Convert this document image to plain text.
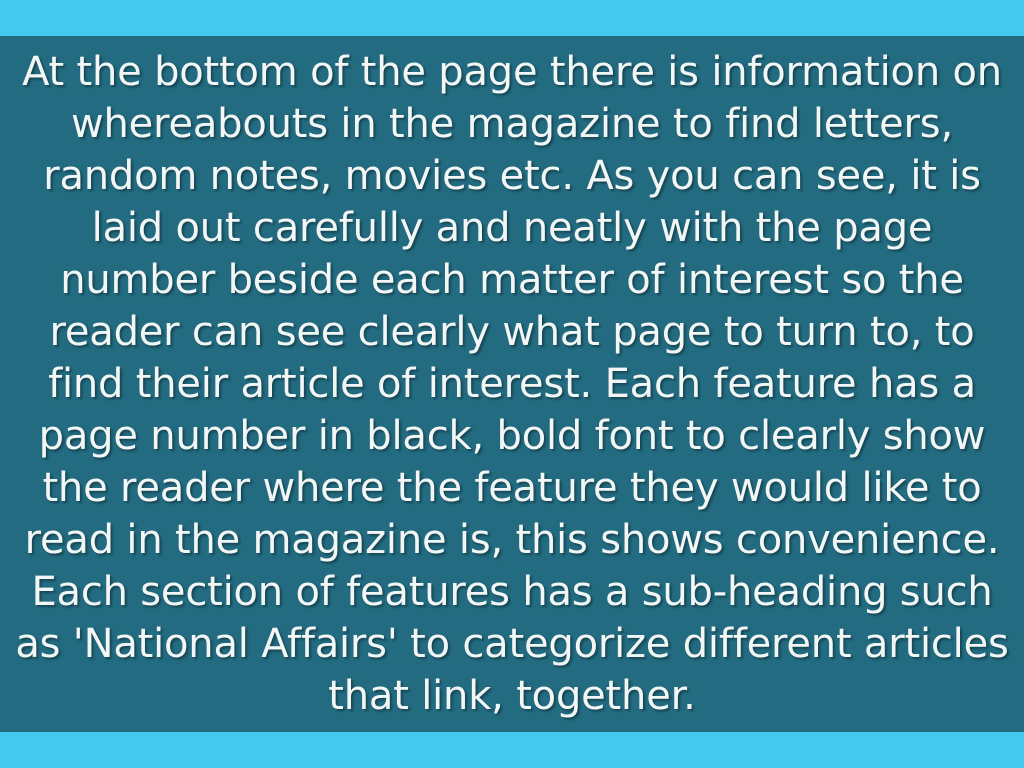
At the bottom of the page there is information on whereabouts in the magazine to find letters, random notes, movies etc. As you can see, it is laid out carefully and neatly with the page number beside each matter of interest so the reader can see clearly what page to turn to, to find their article of interest. Each feature has a page number in black, bold font to clearly show the reader where the feature they would like to read in the magazine is, this shows convenience. Each section of features has a sub-heading such as 'National Affairs' to categorize different articles that link, together.
